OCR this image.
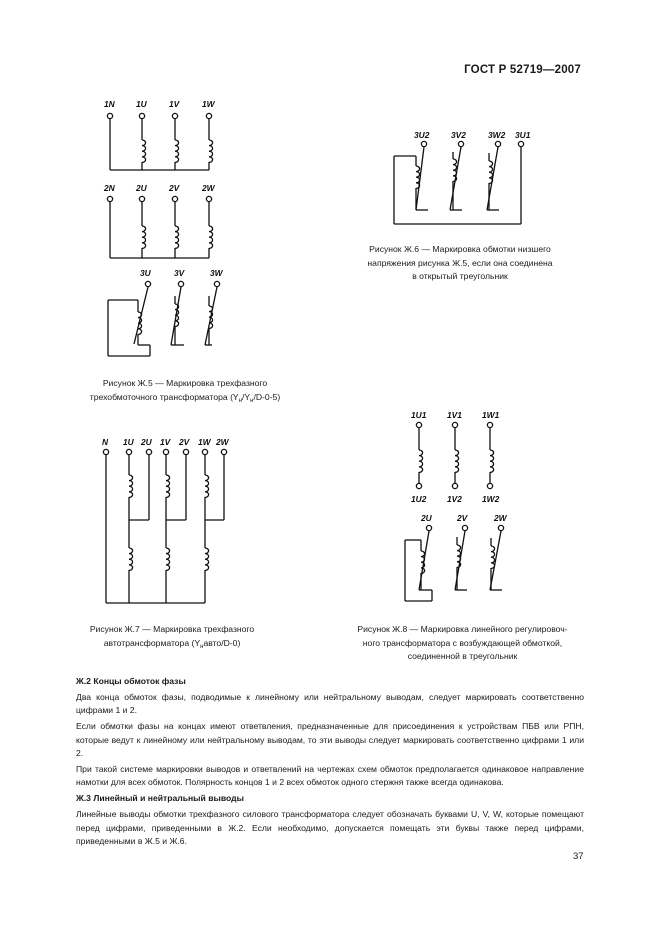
ГОСТ Р 52719—2007
1N	1U	1V	1W
2N	2U	2V	2W
3U	3V	3W
3U2	3V2	3W2 3U1
N 1U 2U 1V 2V 1W 2W
1U1 1V1 1W1
1U2 1V2 1W2
2U	2V	2W
Рисунок Ж.5 — Маркировка трехфазного
трехобмоточного трансформатора $(Y_н/Y_н/D-0-5)$
Рисунок Ж.6 — Маркировка обмотки низшего
напряжения рисунка Ж.5, если она соединена
в открытый треугольник
Рисунок Ж.7 — Маркировка трехфазного
автотрансформатора $(Y_навто/D-0)$
Рисунок Ж.8 — Маркировка линейного регулировоч-
ного трансформатора с возбуждающей обмоткой,
соединенной в треугольник
Ж.2 Концы обмоток фазы

Два конца обмоток фазы, подводимые к линейному или нейтральному выводам, следует маркировать соответственно цифрами 1 и 2.

Если обмотки фазы на концах имеют ответвления, предназначенные для присоединения к устройствам ПБВ или РПН, которые ведут к линейному или нейтральному выводам, то эти выводы следует маркировать соответственно цифрами 1 или 2.

При такой системе маркировки выводов и ответвлений на чертежах схем обмоток предполагается одинаковое направление намотки для всех обмоток. Полярность концов 1 и 2 всех обмоток одного стержня также всегда одинакова.

Ж.3 Линейный и нейтральный выводы

Линейные выводы обмотки трехфазного силового трансформатора следует обозначать буквами U, V, W, которые помещают перед цифрами, приведенными в Ж.2. Если необходимо, допускается помещать эти буквы также перед цифрами, приведенными в Ж.5 и Ж.6.

37
